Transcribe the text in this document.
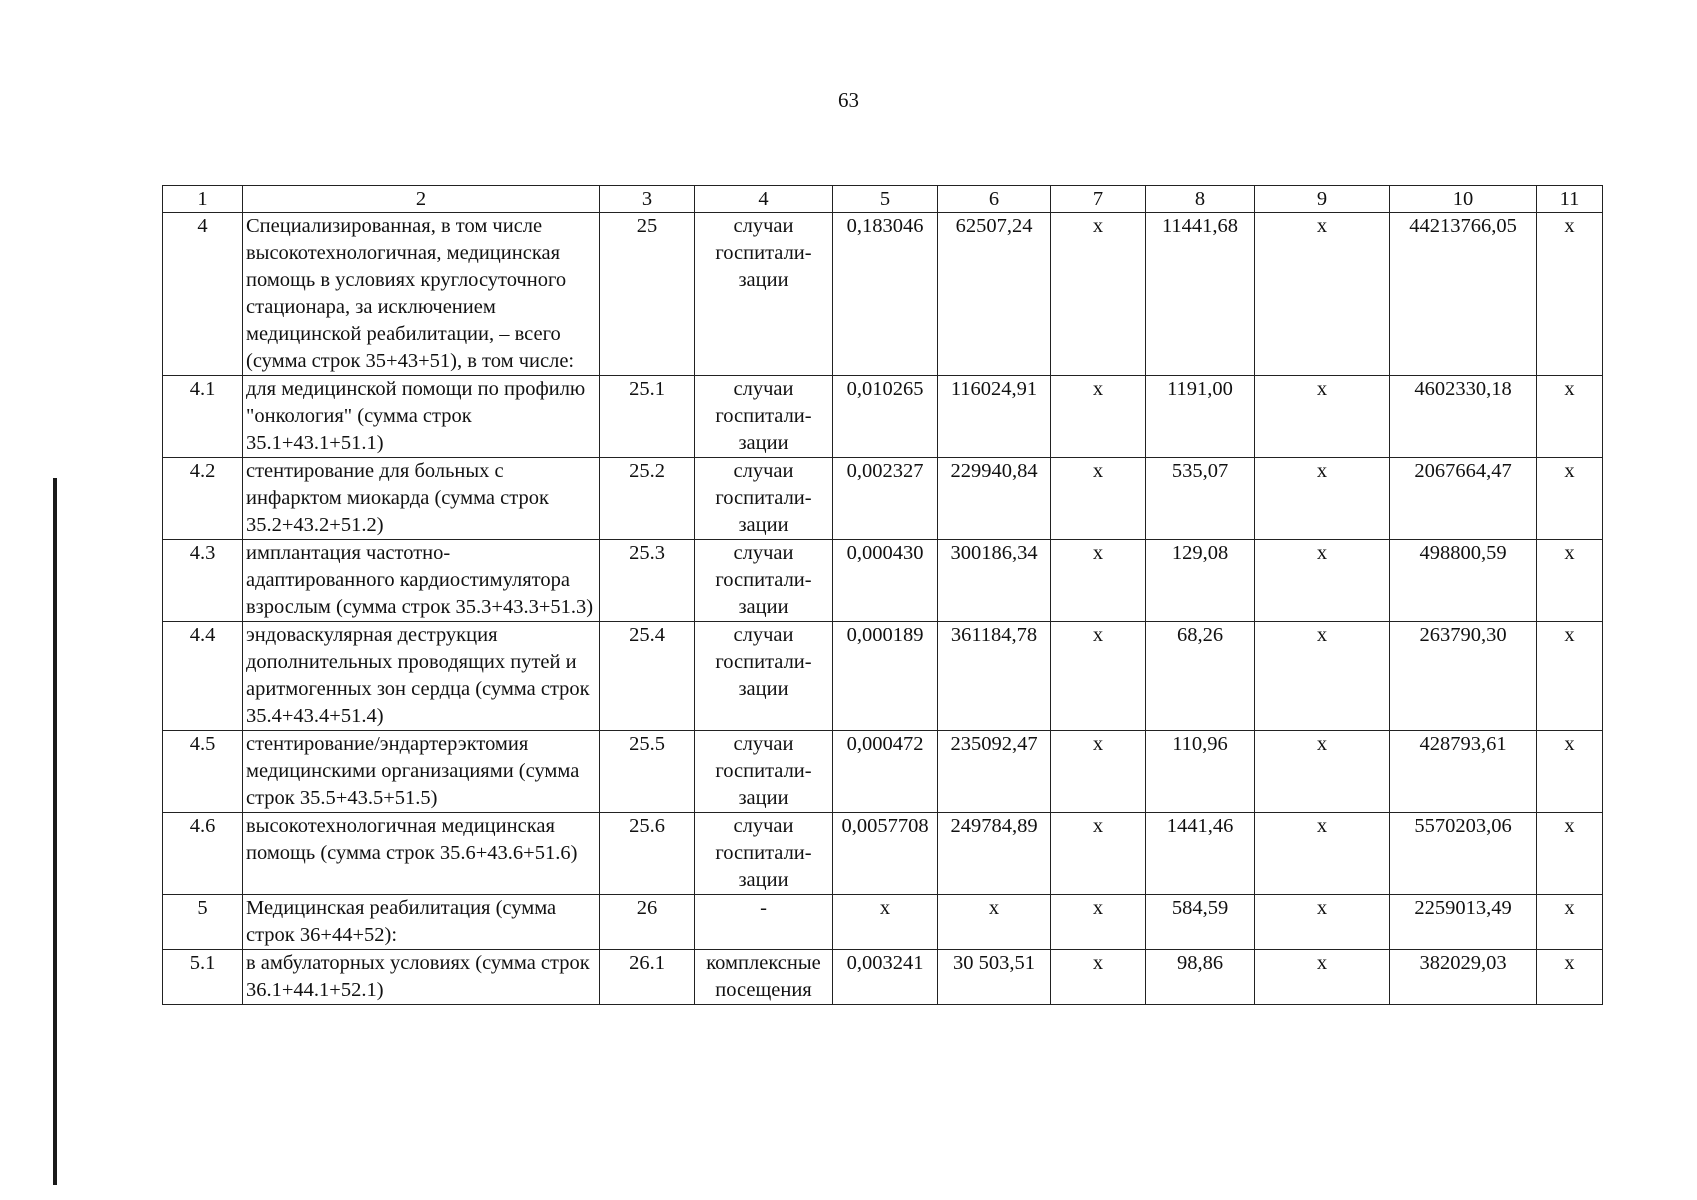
63
1	2	3	4	5	6	7	8	9	10	11
4	Специализированная, в том числе высокотехнологичная, медицинская помощь в условиях круглосуточного стационара, за исключением медицинской реабилитации, – всего (сумма строк 35+43+51), в том числе:	25	случаи госпитали-зации	0,183046	62507,24	х	11441,68	х	44213766,05	х
4.1	для медицинской помощи по профилю "онкология" (сумма строк 35.1+43.1+51.1)	25.1	случаи госпитали-зации	0,010265	116024,91	х	1191,00	х	4602330,18	х
4.2	стентирование для больных с инфарктом миокарда (сумма строк 35.2+43.2+51.2)	25.2	случаи госпитали-зации	0,002327	229940,84	х	535,07	х	2067664,47	х
4.3	имплантация частотно-адаптированного кардиостимулятора взрослым (сумма строк 35.3+43.3+51.3)	25.3	случаи госпитали-зации	0,000430	300186,34	х	129,08	х	498800,59	х
4.4	эндоваскулярная деструкция дополнительных проводящих путей и аритмогенных зон сердца (сумма строк 35.4+43.4+51.4)	25.4	случаи госпитали-зации	0,000189	361184,78	х	68,26	х	263790,30	х
4.5	стентирование/эндартерэктомия медицинскими организациями (сумма строк 35.5+43.5+51.5)	25.5	случаи госпитали-зации	0,000472	235092,47	х	110,96	х	428793,61	х
4.6	высокотехнологичная медицинская помощь (сумма строк 35.6+43.6+51.6)	25.6	случаи госпитали-зации	0,0057708	249784,89	х	1441,46	х	5570203,06	х
5	Медицинская реабилитация (сумма строк 36+44+52):	26	-	х	х	х	584,59	х	2259013,49	х
5.1	в амбулаторных условиях (сумма строк 36.1+44.1+52.1)	26.1	комплексные посещения	0,003241	30 503,51	х	98,86	х	382029,03	х
